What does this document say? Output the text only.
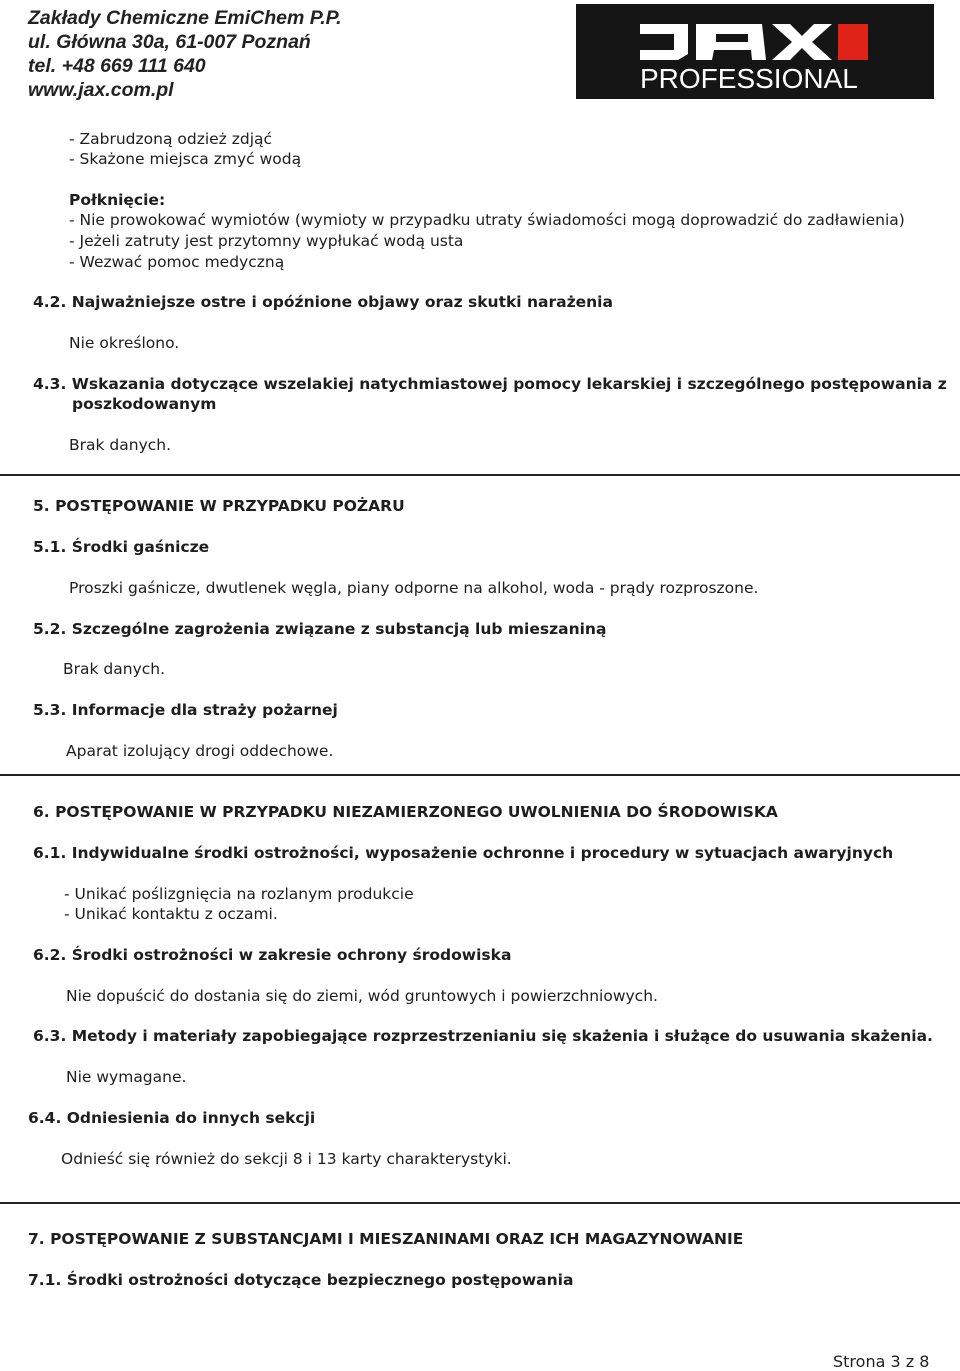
Zakłady Chemiczne EmiChem P.P.
ul. Główna 30a, 61-007 Poznań
tel. +48 669 111 640
www.jax.com.pl	PROFESSIONAL
- Zabrudzoną odzież zdjąć
- Skażone miejsca zmyć wodą
Połknięcie:
- Nie prowokować wymiotów (wymioty w przypadku utraty świadomości mogą doprowadzić do zadławienia)
- Jeżeli zatruty jest przytomny wypłukać wodą usta
- Wezwać pomoc medyczną
4.2. Najważniejsze ostre i opóźnione objawy oraz skutki narażenia
Nie określono.
4.3. Wskazania dotyczące wszelakiej natychmiastowej pomocy lekarskiej i szczególnego postępowania z
poszkodowanym
Brak danych.
5. POSTĘPOWANIE W PRZYPADKU POŻARU
5.1. Środki gaśnicze
Proszki gaśnicze, dwutlenek węgla, piany odporne na alkohol, woda - prądy rozproszone.
5.2. Szczególne zagrożenia związane z substancją lub mieszaniną
Brak danych.
5.3. Informacje dla straży pożarnej
Aparat izolujący drogi oddechowe.
6. POSTĘPOWANIE W PRZYPADKU NIEZAMIERZONEGO UWOLNIENIA DO ŚRODOWISKA
6.1. Indywidualne środki ostrożności, wyposażenie ochronne i procedury w sytuacjach awaryjnych
- Unikać poślizgnięcia na rozlanym produkcie
- Unikać kontaktu z oczami.
6.2. Środki ostrożności w zakresie ochrony środowiska
Nie dopuścić do dostania się do ziemi, wód gruntowych i powierzchniowych.
6.3. Metody i materiały zapobiegające rozprzestrzenianiu się skażenia i służące do usuwania skażenia.
Nie wymagane.
6.4. Odniesienia do innych sekcji
Odnieść się również do sekcji 8 i 13 karty charakterystyki.
7. POSTĘPOWANIE Z SUBSTANCJAMI I MIESZANINAMI ORAZ ICH MAGAZYNOWANIE
7.1. Środki ostrożności dotyczące bezpiecznego postępowania
Strona 3 z 8
